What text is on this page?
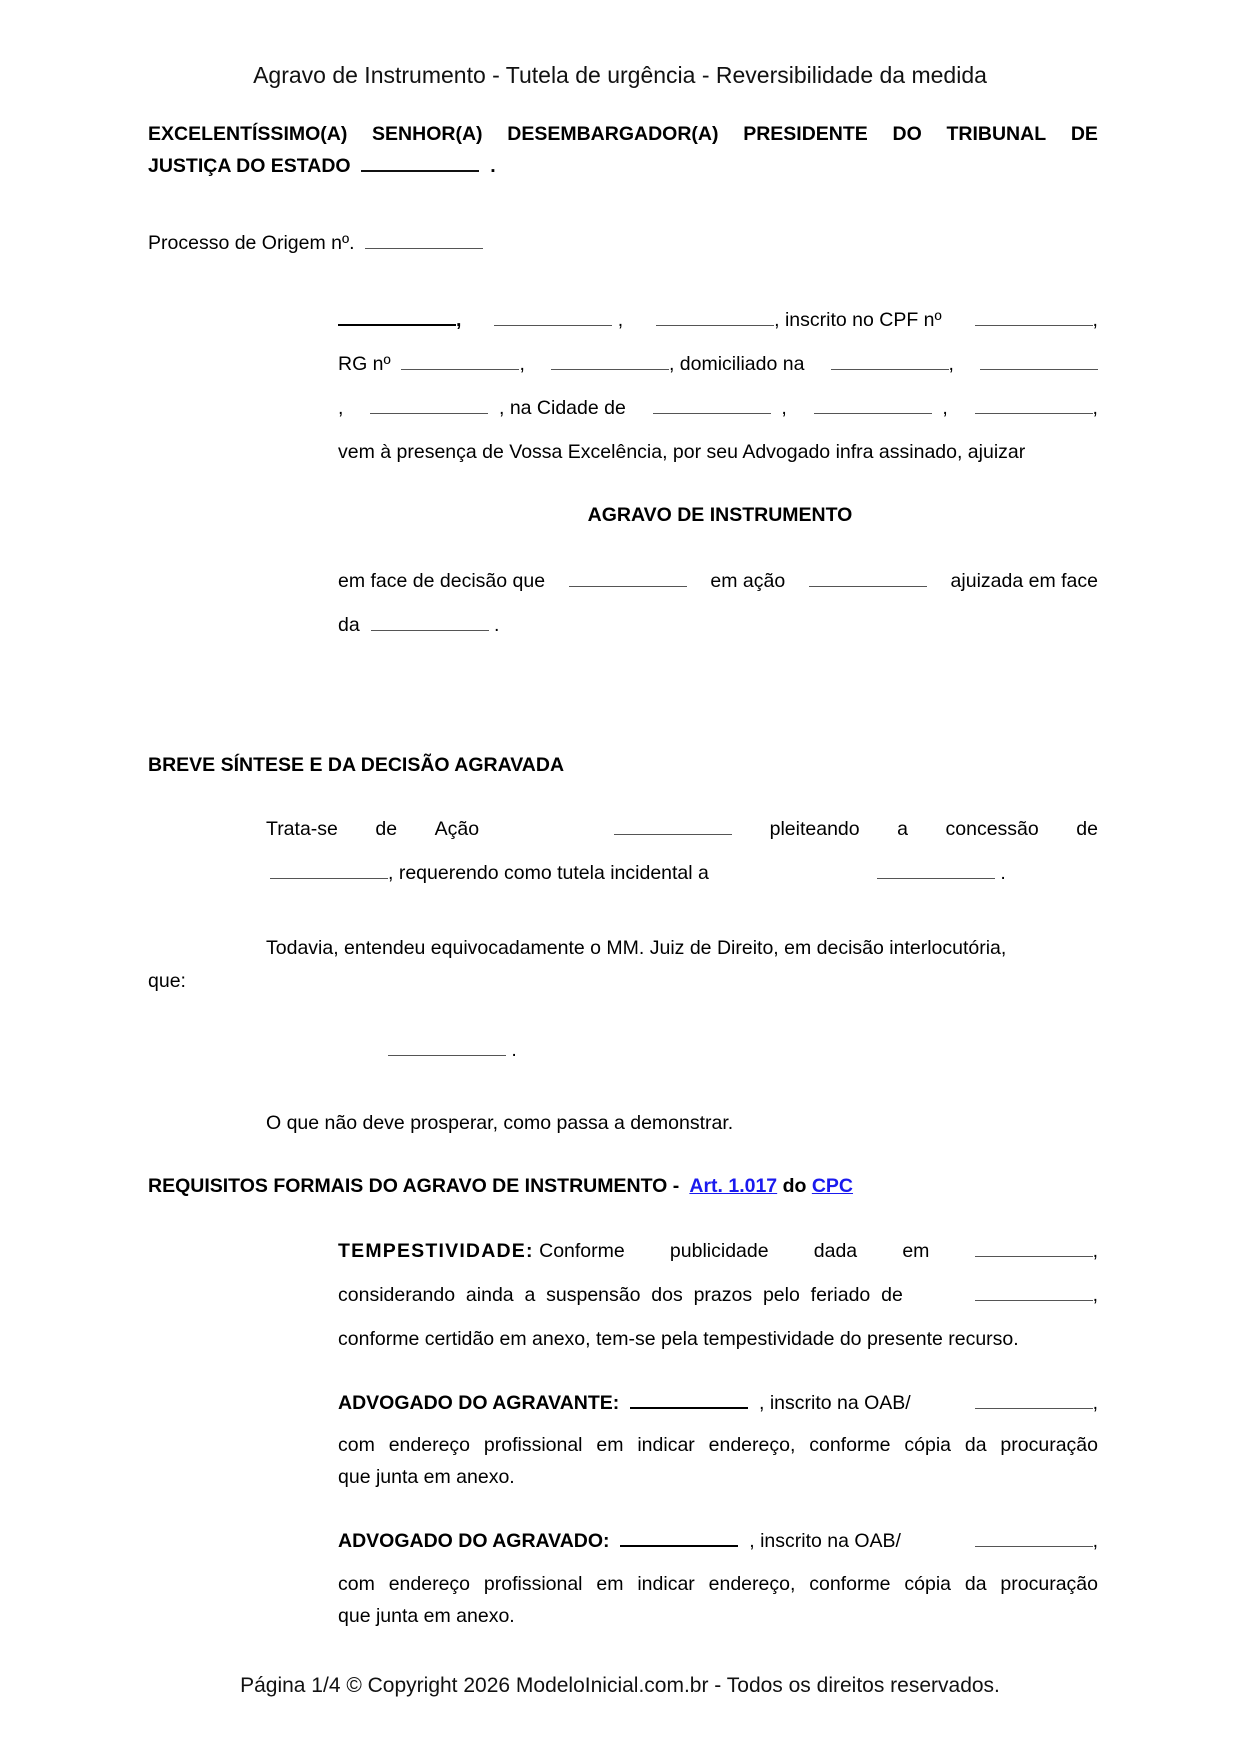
Agravo de Instrumento - Tutela de urgência - Reversibilidade da medida
EXCELENTÍSSIMO(A) SENHOR(A) DESEMBARGADOR(A) PRESIDENTE DO TRIBUNAL DE
JUSTIÇA DO ESTADO	.
Processo de Origem nº.
,	,	, inscrito no CPF nº	,
RG nº	,	, domiciliado na	,
,	, na Cidade de	,	,	,
vem à presença de Vossa Excelência, por seu Advogado infra assinado, ajuizar
AGRAVO DE INSTRUMENTO
em face de decisão que	em ação	ajuizada em face
da	.
BREVE SÍNTESE E DA DECISÃO AGRAVADA
Trata-se de Ação	pleiteando a concessão de
, requerendo como tutela incidental a	.
Todavia, entendeu equivocadamente o MM. Juiz de Direito, em decisão interlocutória,
que:
.
O que não deve prosperar, como passa a demonstrar.
REQUISITOS FORMAIS DO AGRAVO DE INSTRUMENTO - Art. 1.017 do CPC
TEMPESTIVIDADE: Conforme publicidade dada em	,
considerando  ainda  a  suspensão  dos  prazos  pelo  feriado  de	,
conforme certidão em anexo, tem-se pela tempestividade do presente recurso.
ADVOGADO DO AGRAVANTE:	, inscrito na OAB/	,
com endereço profissional em indicar endereço, conforme cópia da procuração
que junta em anexo.
ADVOGADO DO AGRAVADO:	, inscrito na OAB/	,
com endereço profissional em indicar endereço, conforme cópia da procuração
que junta em anexo.
Página 1/4 © Copyright 2026 ModeloInicial.com.br - Todos os direitos reservados.
